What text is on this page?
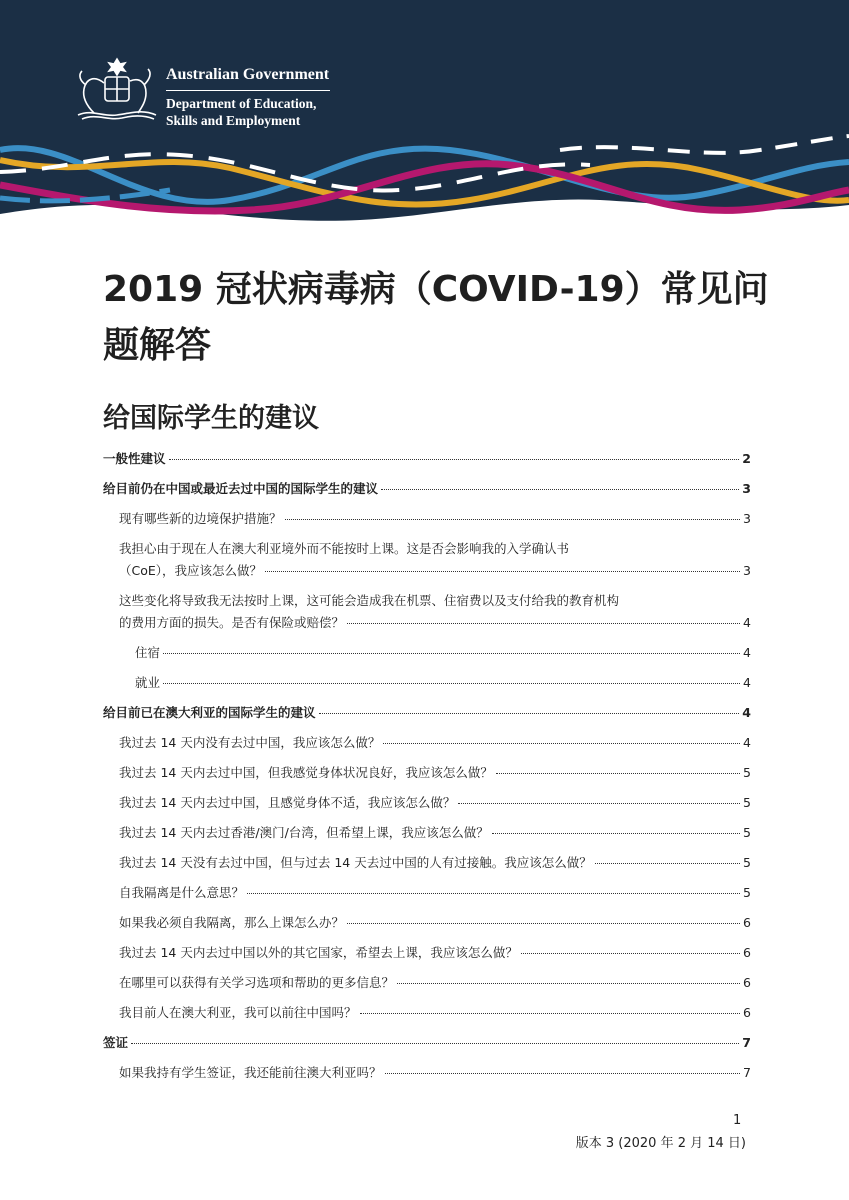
Australian Government
Department of Education,
Skills and Employment
2019 冠状病毒病（COVID-19）常见问题解答
给国际学生的建议
一般性建议	2
给目前仍在中国或最近去过中国的国际学生的建议	3
现有哪些新的边境保护措施？	3
我担心由于现在人在澳大利亚境外而不能按时上课。这是否会影响我的入学确认书
（CoE），我应该怎么做？	3
这些变化将导致我无法按时上课，这可能会造成我在机票、住宿费以及支付给我的教育机构
的费用方面的损失。是否有保险或赔偿？	4
住宿	4
就业	4
给目前已在澳大利亚的国际学生的建议	4
我过去 14 天内没有去过中国，我应该怎么做？	4
我过去 14 天内去过中国，但我感觉身体状况良好，我应该怎么做？	5
我过去 14 天内去过中国，且感觉身体不适，我应该怎么做？	5
我过去 14 天内去过香港/澳门/台湾，但希望上课，我应该怎么做？	5
我过去 14 天没有去过中国，但与过去 14 天去过中国的人有过接触。我应该怎么做？	5
自我隔离是什么意思？	5
如果我必须自我隔离，那么上课怎么办？	6
我过去 14 天内去过中国以外的其它国家，希望去上课，我应该怎么做？	6
在哪里可以获得有关学习选项和帮助的更多信息？	6
我目前人在澳大利亚，我可以前往中国吗？	6
签证	7
如果我持有学生签证，我还能前往澳大利亚吗？	7
1
版本 3 (2020 年 2 月 14 日)
